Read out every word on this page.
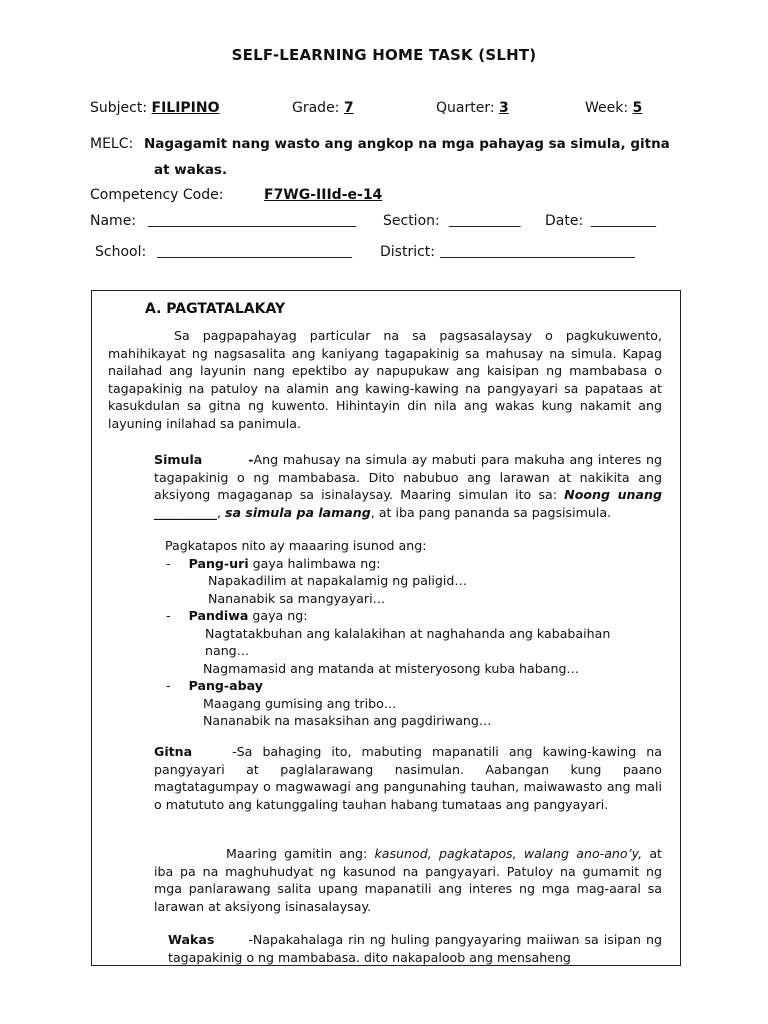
SELF-LEARNING HOME TASK (SLHT)
Subject: FILIPINO	Grade: 7	Quarter: 3	Week: 5
MELC: Nagagamit nang wasto ang angkop na mga pahayag sa simula, gitna
at wakas.
Competency Code:	F7WG-IIId-e-14
Name: ________________________________ Section: ___________ Date: __________
School: ______________________________ District: ______________________________
A. PAGTATALAKAY
Sa pagpapahayag particular na sa pagsasalaysay o pagkukuwento, mahihikayat ng nagsasalita ang kaniyang tagapakinig sa mahusay na simula. Kapag nailahad ang layunin nang epektibo ay napupukaw ang kaisipan ng mambabasa o tagapakinig na patuloy na alamin ang kawing-kawing na pangyayari sa papataas at kasukdulan sa gitna ng kuwento. Hihintayin din nila ang wakas kung nakamit ang layuning inilahad sa panimula.
Simula	-Ang mahusay na simula ay mabuti para makuha ang interes ng tagapakinig o ng mambabasa. Dito nabubuo ang larawan at nakikita ang aksiyong magaganap sa isinalaysay. Maaring simulan ito sa: Noong unang __________, sa simula pa lamang, at iba pang pananda sa pagsisimula.
Pagkatapos nito ay maaaring isunod ang:
- Pang-uri gaya halimbawa ng:
Napakadilim at napakalamig ng paligid…
Nananabik sa mangyayari…
- Pandiwa gaya ng:
Nagtatakbuhan ang kalalakihan at naghahanda ang kababaihan
nang…
Nagmamasid ang matanda at misteryosong kuba habang…
- Pang-abay
Maagang gumising ang tribo…
Nananabik na masaksihan ang pagdiriwang…
Gitna	-Sa bahaging ito, mabuting mapanatili ang kawing-kawing na pangyayari at paglalarawang nasimulan. Aabangan kung paano magtatagumpay o magwawagi ang pangunahing tauhan, maiwawasto ang mali o matututo ang katunggaling tauhan habang tumataas ang pangyayari.
Maaring gamitin ang: kasunod, pagkatapos, walang ano-ano’y, at iba pa na maghuhudyat ng kasunod na pangyayari. Patuloy na gumamit ng mga panlarawang salita upang mapanatili ang interes ng mga mag-aaral sa larawan at aksiyong isinasalaysay.
Wakas	-Napakahalaga rin ng huling pangyayaring maiiwan sa isipan ng tagapakinig o ng mambabasa. dito nakapaloob ang mensaheng
